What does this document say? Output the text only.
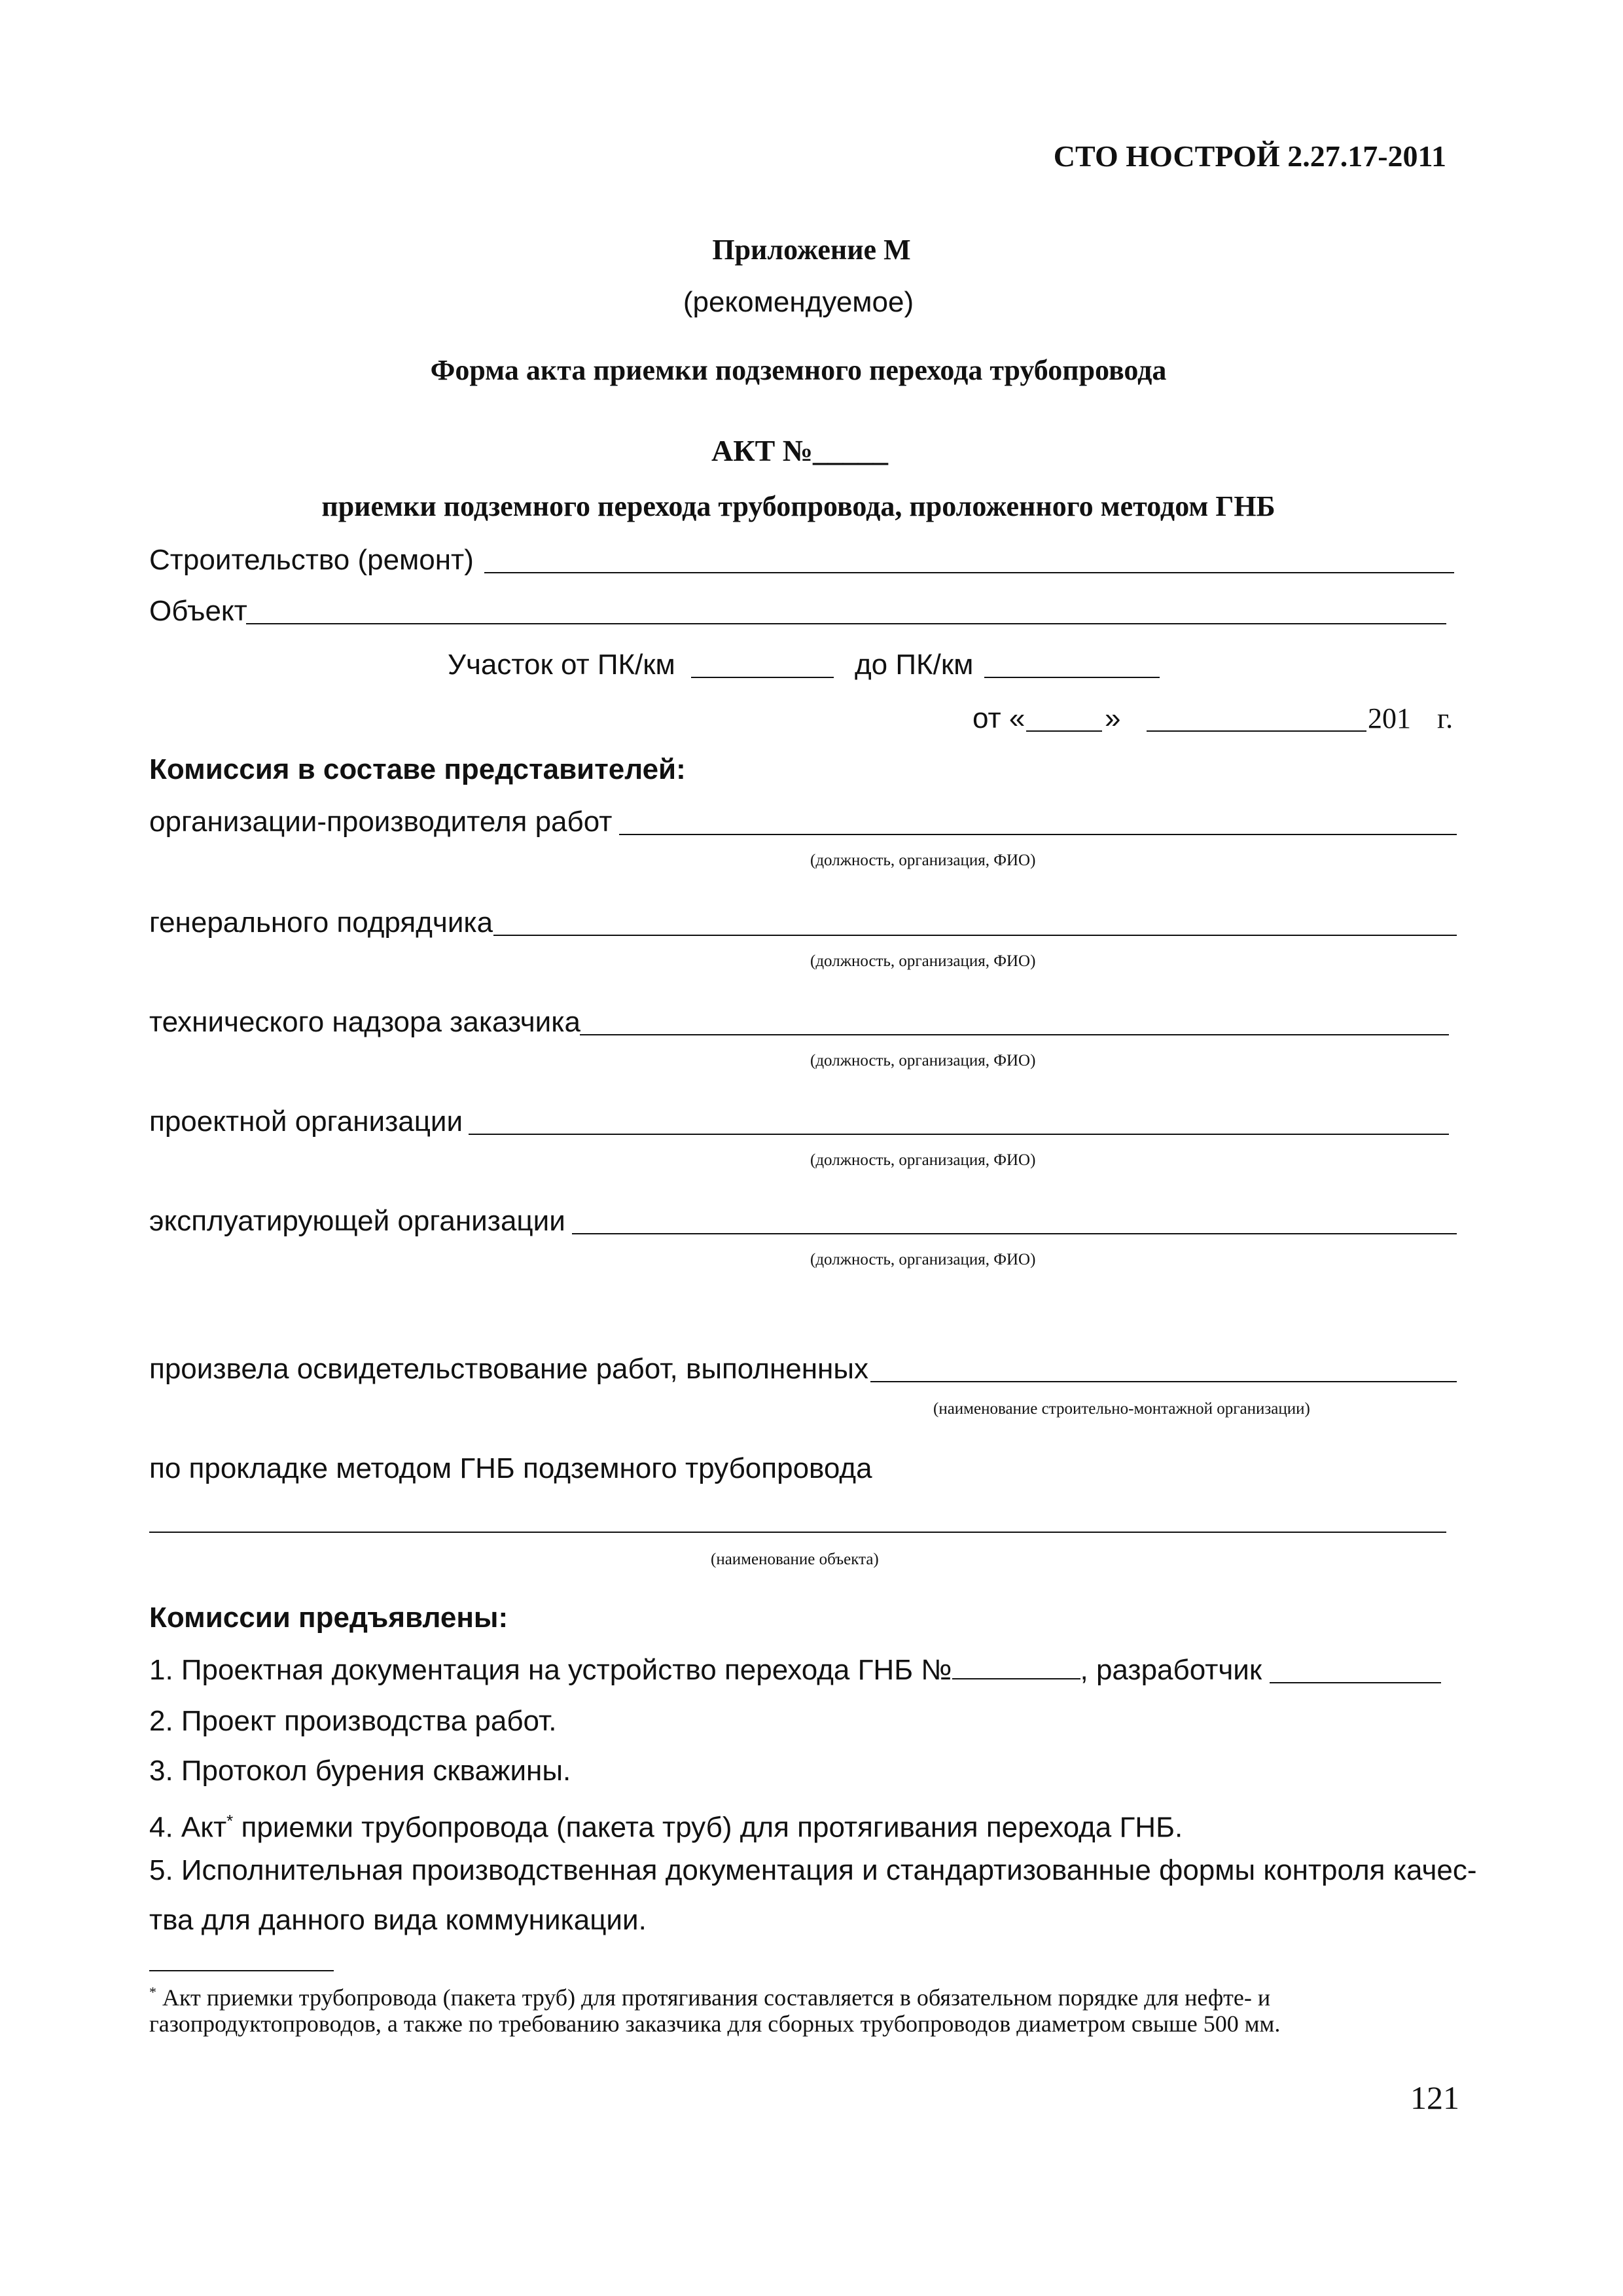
СТО НОСТРОЙ 2.27.17-2011
Приложение М
(рекомендуемое)
Форма акта приемки подземного перехода трубопровода
АКТ №_____
приемки подземного перехода трубопровода, проложенного методом ГНБ
Строительство (ремонт)
Объект
Участок от ПК/км	до ПК/км
от «	»	201 г.
Комиссия в составе представителей:
организации-производителя работ
(должность, организация, ФИО)
генерального подрядчика
(должность, организация, ФИО)
технического надзора заказчика
(должность, организация, ФИО)
проектной организации
(должность, организация, ФИО)
эксплуатирующей организации
(должность, организация, ФИО)
произвела освидетельствование работ, выполненных
(наименование строительно-монтажной организации)
по прокладке методом ГНБ подземного трубопровода
(наименование объекта)
Комиссии предъявлены:
1. Проектная документация на устройство перехода ГНБ №	, разработчик
2. Проект производства работ.
3. Протокол бурения скважины.
4. Акт* приемки трубопровода (пакета труб) для протягивания перехода ГНБ.
5. Исполнительная производственная документация и стандартизованные формы контроля качес-
тва для данного вида коммуникации.
* Акт приемки трубопровода (пакета труб) для протягивания составляется в обязательном порядке для нефте- и
газопродуктопроводов, а также по требованию заказчика для сборных трубопроводов диаметром свыше 500 мм.
121
